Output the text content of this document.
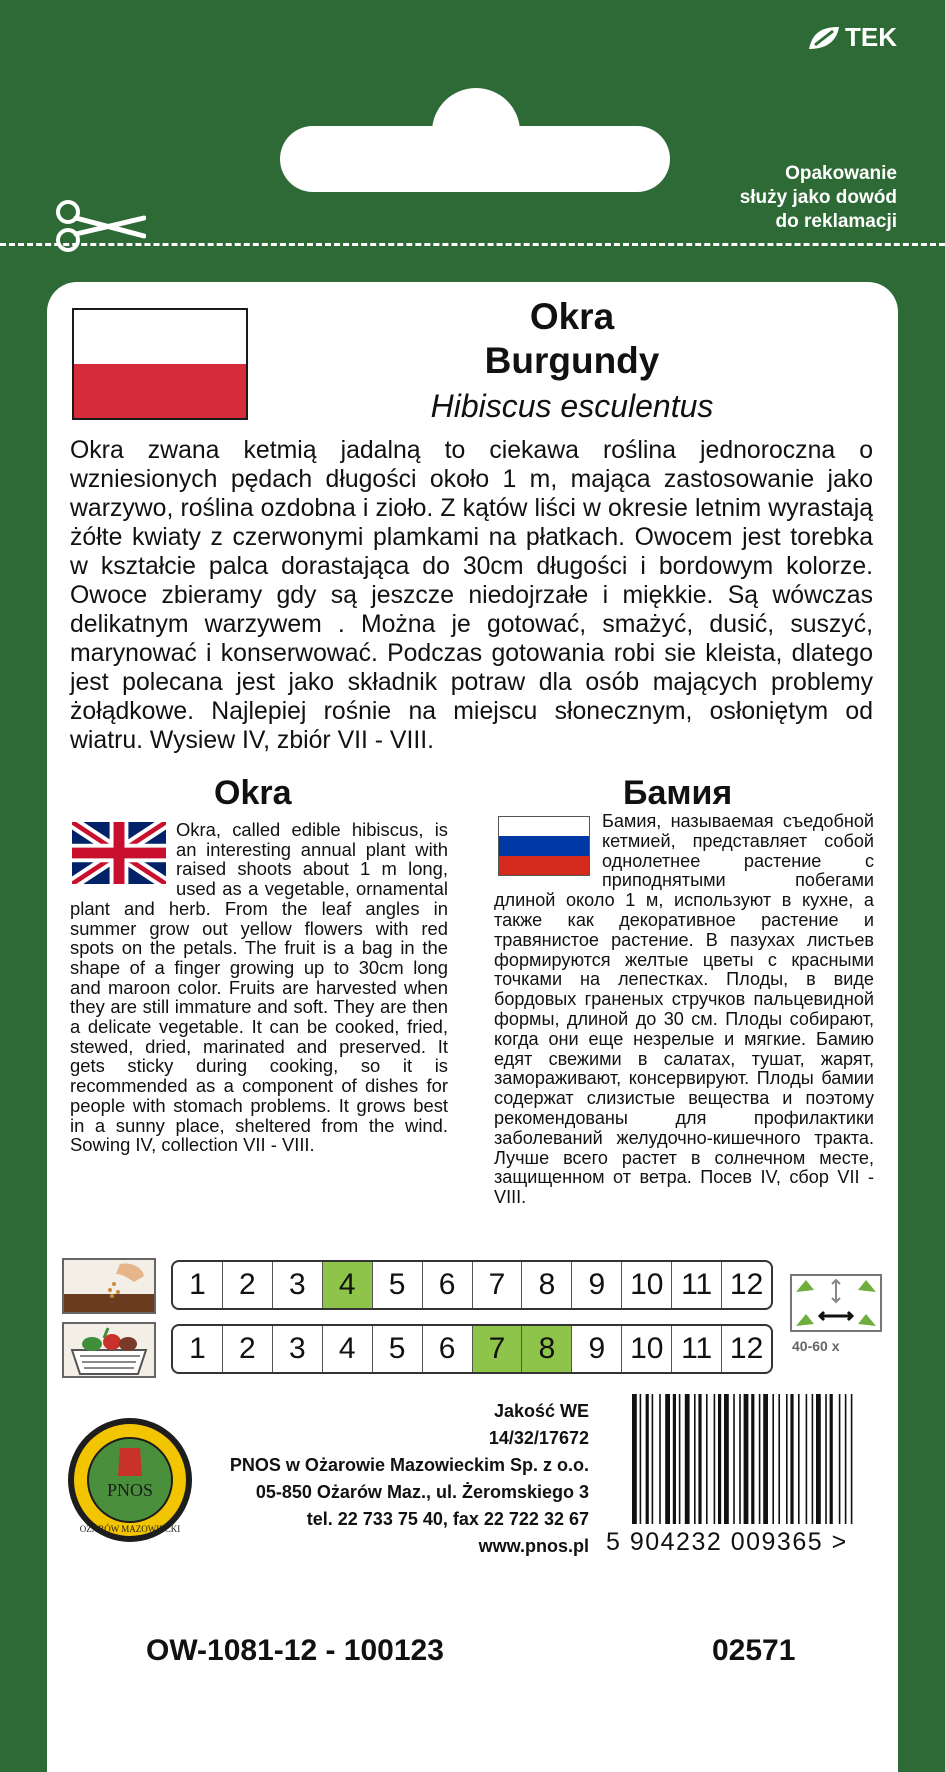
TEK
Opakowanie
służy jako dowód
do reklamacji
Okra
Burgundy
Hibiscus esculentus
Okra zwana ketmią jadalną to ciekawa roślina jednoroczna o wzniesionych pędach długości około 1 m, mająca zastosowanie jako warzywo, roślina ozdobna i zioło. Z kątów liści w okresie letnim wyrastają żółte kwiaty z czerwonymi plamkami na płatkach. Owocem jest torebka w kształcie palca dorastająca do 30cm długości i bordowym kolorze. Owoce zbieramy gdy są jeszcze niedojrzałe i miękkie. Są wówczas delikatnym warzywem . Można je gotować, smażyć, dusić, suszyć, marynować i konserwować. Podczas gotowania robi sie kleista, dlatego jest polecana jest jako składnik potraw dla osób mających problemy żołądkowe. Najlepiej rośnie na miejscu słonecznym, osłoniętym od wiatru. Wysiew IV, zbiór VII - VIII.
Okra	Бамия
Okra, called edible hibiscus, is an interesting annual plant with raised shoots about 1 m long, used as a vegetable, ornamental plant and herb. From the leaf angles in summer grow out yellow flowers with red spots on the petals. The fruit is a bag in the shape of a finger growing up to 30cm long and maroon color. Fruits are harvested when they are still immature and soft. They are then a delicate vegetable. It can be cooked, fried, stewed, dried, marinated and preserved. It gets sticky during cooking, so it is recommended as a component of dishes for people with stomach problems. It grows best in a sunny place, sheltered from the wind. Sowing IV, collection VII - VIII.
Бамия, называемая съедобной кетмией, представляет собой однолетнее растение с приподнятыми побегами длиной около 1 м, используют в кухне, а также как декоративное растение и травянистое растение. В пазухах листьев формируются желтые цветы с красными точками на лепестках. Плоды, в виде бордовых граненых стручков пальцевидной формы, длиной до 30 см. Плоды собирают, когда они еще незрелые и мягкие. Бамию едят свежими в салатах, тушат, жарят, замораживают, консервируют. Плоды бамии содержат слизистые вещества и поэтому рекомендованы для профилактики заболеваний желудочно-кишечного тракта. Лучше всего растет в солнечном месте, защищенном от ветра. Посев IV, сбор VII - VIII.
1	2	3	4	5	6	7	8	9 10 11 12
1	2	3	4	5	6	7	8	9 10 11 12	40-60 x
PNOS
OŻARÓW MAZOWIECKI
Jakość WE
14/32/17672
PNOS w Ożarowie Mazowieckim Sp. z o.o.
05-850 Ożarów Maz., ul. Żeromskiego 3
tel. 22 733 75 40, fax 22 722 32 67
www.pnos.pl 5 904232 009365 >
OW-1081-12 - 100123	02571
